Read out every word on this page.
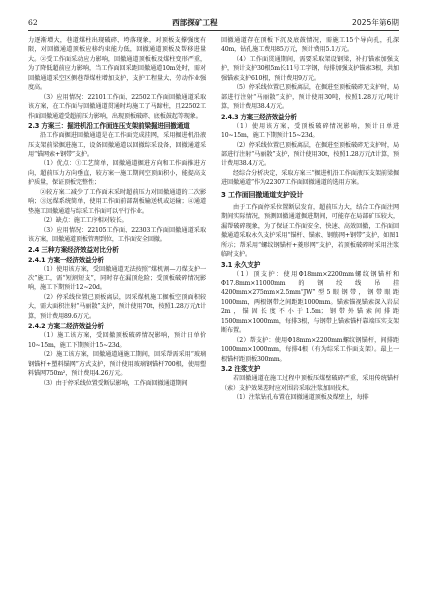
62	西部探矿工程	2025年第6期

力逐渐增大，巷道煤柱出现破碎、垮落现象，对顶板支撑强度有限，对回撤通道顶板应移约束能力低，回撤通道顶板及帮移进量大。②受工作面采动应力影响，回撤通道顶板板及煤柱变形严重，为了降低超前应力影响，当工作面回采距回撤通道10m处时，需对回撤通道采空区侧巷帮煤柱增加支护，支护工程量大、劳动作业强度高。

（3）应用情况：22101工作面、22502工作面回撤通道采取该方案，在工作面与回撤通道贯通时均施工了马蹄柱，且22502工作面回撤通道受超前压力影响，出现顶板破碎、底板鼓起等现象。

2.3 方案三：掘进机沿工作面连压支架前梁掘进回撤通道

沿工作面掘进回撤通道是在工作面完成挂网，采用掘进机沿液压支架前梁掘进施工，设备回撤通道以回撤综采设备，回撤通道采用“锚网索+钢带”支护。

（1）优点：①工艺简单，回撤通道掘进方向和工作面推进方向，超前压力方向垂直，较方案一施工期间空顶面积小，能提高支护质量，保证顶板完整性；

②较方案二减少了工作面末采时超前压力对回撤通道的二次影响；③远煤系统简单，使用工作面前部刮板输送机或运输；④通道垫施工回撤通道与综采工作面可以平行作业。

（2）缺点：施工工序相对较长。

（3）应用情况：22105工作面、22303工作面回撤通道采取该方案，回撤通道顶板管理到位，工作面安全回撤。

2.4 三种方案经济效益对比分析

2.4.1 方案一经济效益分析

（1）使用该方案，受回撤通道无法按照“煤机割—刀煤支护一次”施工，需“短割短支”，同时存在漏顶危险；受顶板破碎情况影响，施工下期预计12~20d。

（2）停采线位置已顶板离层，因采煤机施工掘板空顶面积较大，需大面积注射“马丽散”支护，预计使用70t，按照1.28万元/t计算，预计费用89.6万元。

2.4.2 方案二经济效益分析

（1）施工该方案，受回撤顶板破碎情况影响，预计日单价10~15m，施工下期预计15~23d。

（2）施工该方案，回撤通道通施工期间，回采帮需采用“玻璃钢锚杆+塑料锚网”方式支护，预计使用玻璃钢锚杆700根，使用塑料锚网750m²，预计费用4.26万元。

（3）由于停采线位置受断层影响，工作面回撤通道期间

回撤通道存在顶板下沉及底鼓情况，需施工15个导向孔，孔深40m，钻孔施工费用85万元，预计费用5.1万元。

（4）工作面贯通期间，需要采取架设钢梁，补打锚索加强支护，预计支护30根5m长11号工字钢，每排加强支护锚索3根，共加强锚索支护610根，预计费用9万元。

（5）停采线位置已顶板离层，在掘进至顶板破碎无支护时，局部进行注射“马丽散”支护，预计使用30吨，按照1.28万元/吨计算，预计费用38.4万元。

2.4.3 方案三经济效益分析

（1）使用该方案，受顶板破碎情况影响，预计日单进10~15m，施工下期预计15~23d。

（2）停采线位置已顶板离层，在掘进至顶板破碎无支护时，局部进行注射“马丽散”支护，预计使用30t，按照1.28万元/t计算，预计费用38.4万元。

经综合分析决定，采取方案三“掘进机沿工作面液压支架前梁掘进回撤通道”作为22307工作面回撤通道的选用方案。

3 工作面回撤通道支护设计

由于工作面停采位置断层发育，超前压力大，结合工作面注网期间实际情况，预测回撤通道掘进期间，可能存在局部矿压较大，漏帮破碎现象，为了保证工作面安全、快速、高效回撤，工作面回撤通道采取永久支护采用“锚杆、锚索、钢筋网+钢带”支护，如图1所示；帮采用“螺纹钢锚杆+菱形网”支护，若顶板破碎时采用注浆临时支护。

3.1 永久支护

（1）顶支护：使用Φ18mm×2200mm螺纹钢锚杆和Φ17.8mm×11000mm的钢绞线吊挂4200mm×275mm×2.5mm“JW”型5眼钢带，钢带眼距1000mm，两根钢带之间距距1000mm。锚索锚视锚索深入岩层2m，锚固长度不小于1.5m；钢带外锚索间排距1500mm×1000mm，每排3根，与钢带上锚索锚杆靠端压实支架断布置。

（2）帮支护：使用Φ18mm×2200mm螺纹钢锚杆，间排距1000mm×1000mm，每排4根（有为综采工作面支架）。最上一根锚杆距顶板300mm。

3.2 注浆支护

若回撤通道在施工过程中顶板压煤壁破碎严重，采用传统锚杆（索）支护效果差时应对围岩采取注浆加固技术。

（1）注浆钻孔布置在回撤通道顶板及煤壁上，每排
